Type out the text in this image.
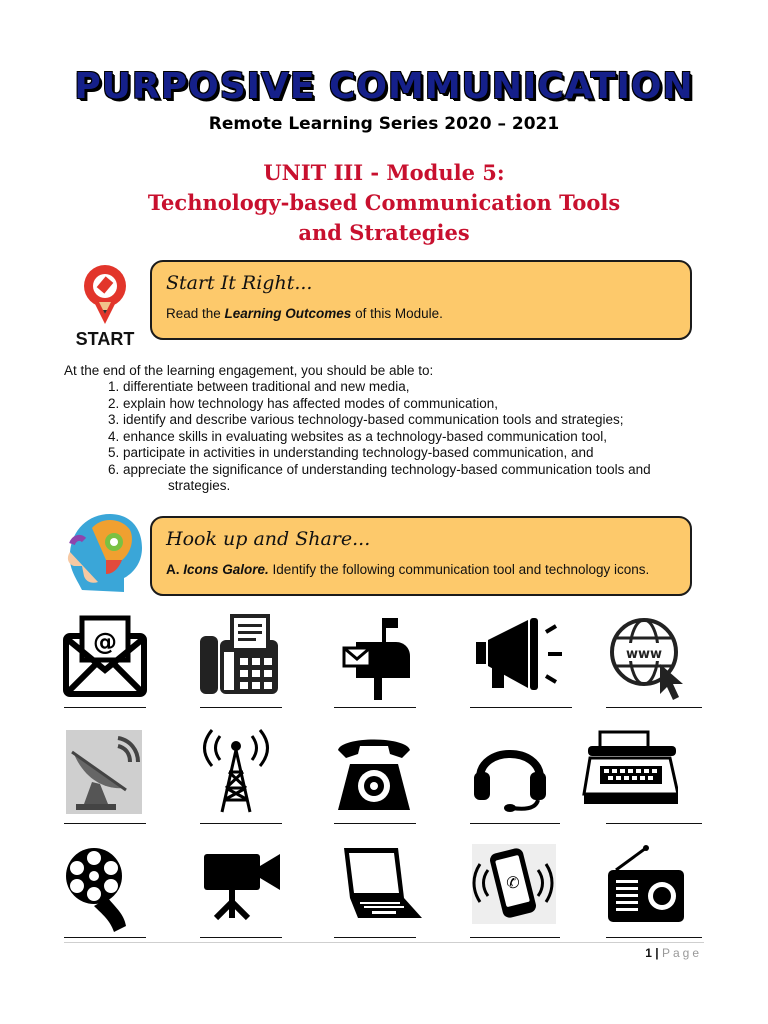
PURPOSIVE COMMUNICATION
Remote Learning Series 2020 – 2021
UNIT III - Module 5:
Technology-based Communication Tools
and Strategies
START
Start It Right...
Read the Learning Outcomes of this Module.
At the end of the learning engagement, you should be able to:
1. differentiate between traditional and new media,
2. explain how technology has affected modes of communication,
3. identify and describe various technology-based communication tools and strategies;
4. enhance skills in evaluating websites as a technology-based communication tool,
5. participate in activities in understanding technology-based communication, and
6. appreciate the significance of understanding technology-based communication tools and
strategies.
Hook up and Share...
A. Icons Galore. Identify the following communication tool and technology icons.
@	www
✆
1 | Page
